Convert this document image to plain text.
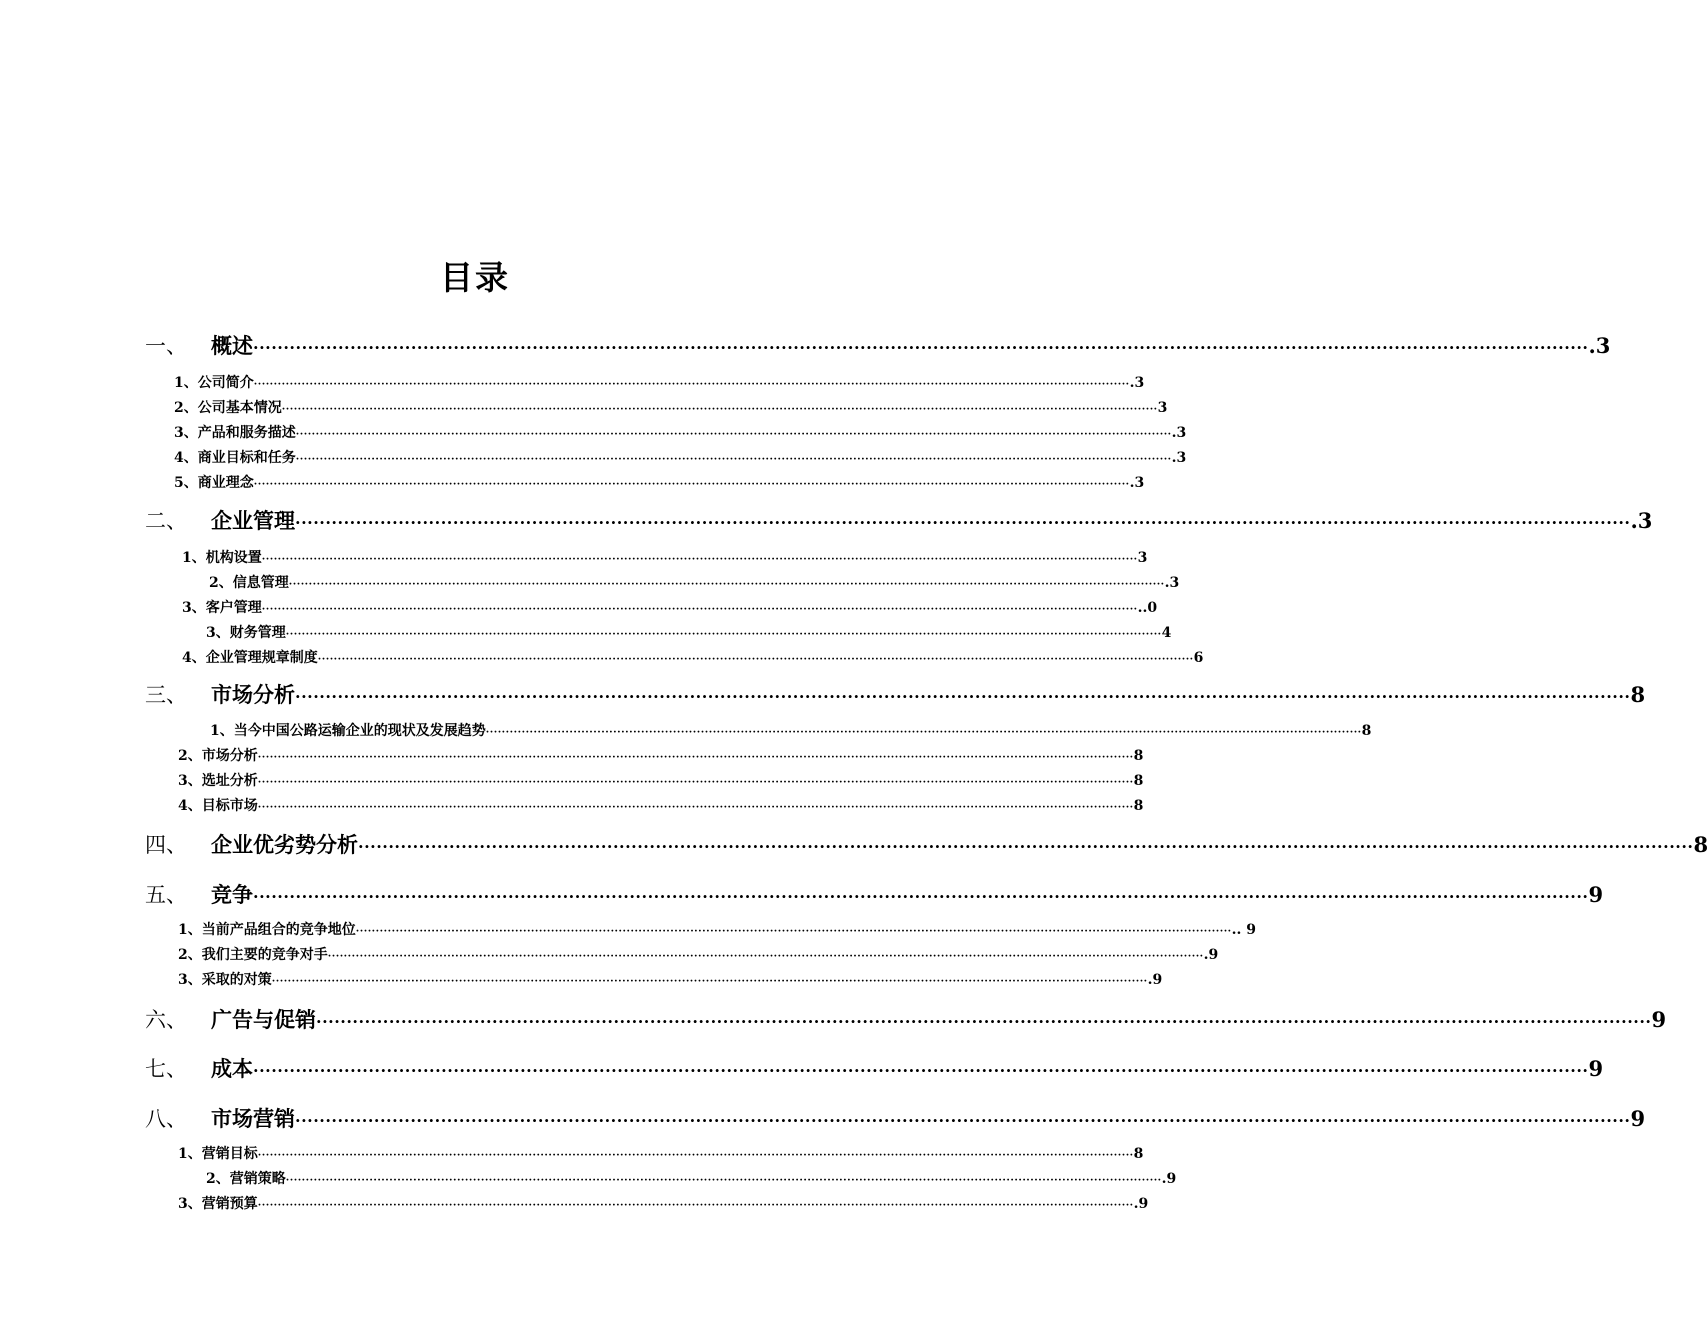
目录
一、	概述 ···························································································································································································································· .3
1、 公司简介 ···························································································································································································································· .3
2、 公司基本情况 ···························································································································································································································· 3
3、 产品和服务描述 ···························································································································································································································· .3
4、 商业目标和任务 ···························································································································································································································· .3
5、 商业理念 ···························································································································································································································· .3
二、	企业管理 ···························································································································································································································· .3
1、 机构设置 ···························································································································································································································· 3
2、 信息管理 ···························································································································································································································· .3
3、 客户管理 ···························································································································································································································· ..0
3、 财务管理 ···························································································································································································································· 4
4、 企业管理规章制度 ···························································································································································································································· 6
三、	市场分析 ···························································································································································································································· 8
1、 当今中国公路运输企业的现状及发展趋势 ···························································································································································································································· 8
2、 市场分析 ···························································································································································································································· 8
3、 选址分析 ···························································································································································································································· 8
4、 目标市场 ···························································································································································································································· 8
四、	企业优劣势分析 ···························································································································································································································· 8
五、	竞争 ···························································································································································································································· 9
1、 当前产品组合的竞争地位 ···························································································································································································································· .. 9
2、 我们主要的竞争对手 ···························································································································································································································· .9
3、 采取的对策 ···························································································································································································································· .9
六、	广告与促销 ···························································································································································································································· 9
七、	成本 ···························································································································································································································· 9
八、	市场营销 ···························································································································································································································· 9
1、 营销目标 ···························································································································································································································· 8
2、 营销策略 ···························································································································································································································· .9
3、 营销预算 ···························································································································································································································· .9
